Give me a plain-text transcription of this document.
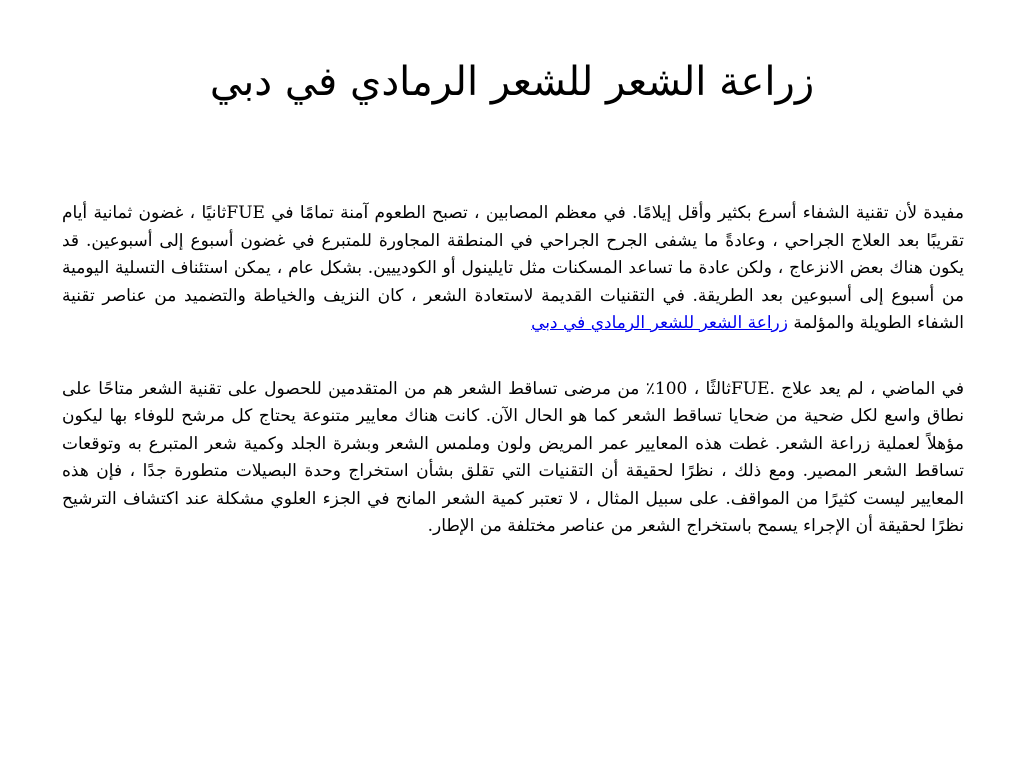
زراعة الشعر للشعر الرمادي في دبي

مفيدة لأن تقنية الشفاء أسرع بكثير وأقل إيلامًا. في معظم المصابين ، تصبح الطعوم آمنة تمامًا في FUEثانيًا ، غضون ثمانية أيام تقريبًا بعد العلاج الجراحي ، وعادةً ما يشفى الجرح الجراحي في المنطقة المجاورة للمتبرع في غضون أسبوع إلى أسبوعين. قد يكون هناك بعض الانزعاج ، ولكن عادة ما تساعد المسكنات مثل تايلينول أو الكودييين. بشكل عام ، يمكن استئناف التسلية اليومية من أسبوع إلى أسبوعين بعد الطريقة. في التقنيات القديمة لاستعادة الشعر ، كان النزيف والخياطة والتضميد من عناصر تقنية الشفاء الطويلة والمؤلمة زراعة الشعر للشعر الرمادي في دبي

في الماضي ، لم يعد علاج .FUEثالثًا ، 100٪ من مرضى تساقط الشعر هم من المتقدمين للحصول على تقنية الشعر متاحًا على نطاق واسع لكل ضحية من ضحايا تساقط الشعر كما هو الحال الآن. كانت هناك معايير متنوعة يحتاج كل مرشح للوفاء بها ليكون مؤهلاً لعملية زراعة الشعر. غطت هذه المعايير عمر المريض ولون وملمس الشعر وبشرة الجلد وكمية شعر المتبرع به وتوقعات تساقط الشعر المصير. ومع ذلك ، نظرًا لحقيقة أن التقنيات التي تقلق بشأن استخراج وحدة البصيلات متطورة جدًا ، فإن هذه المعايير ليست كثيرًا من المواقف. على سبيل المثال ، لا تعتبر كمية الشعر المانح في الجزء العلوي مشكلة عند اكتشاف الترشيح نظرًا لحقيقة أن الإجراء يسمح باستخراج الشعر من عناصر مختلفة من الإطار.
